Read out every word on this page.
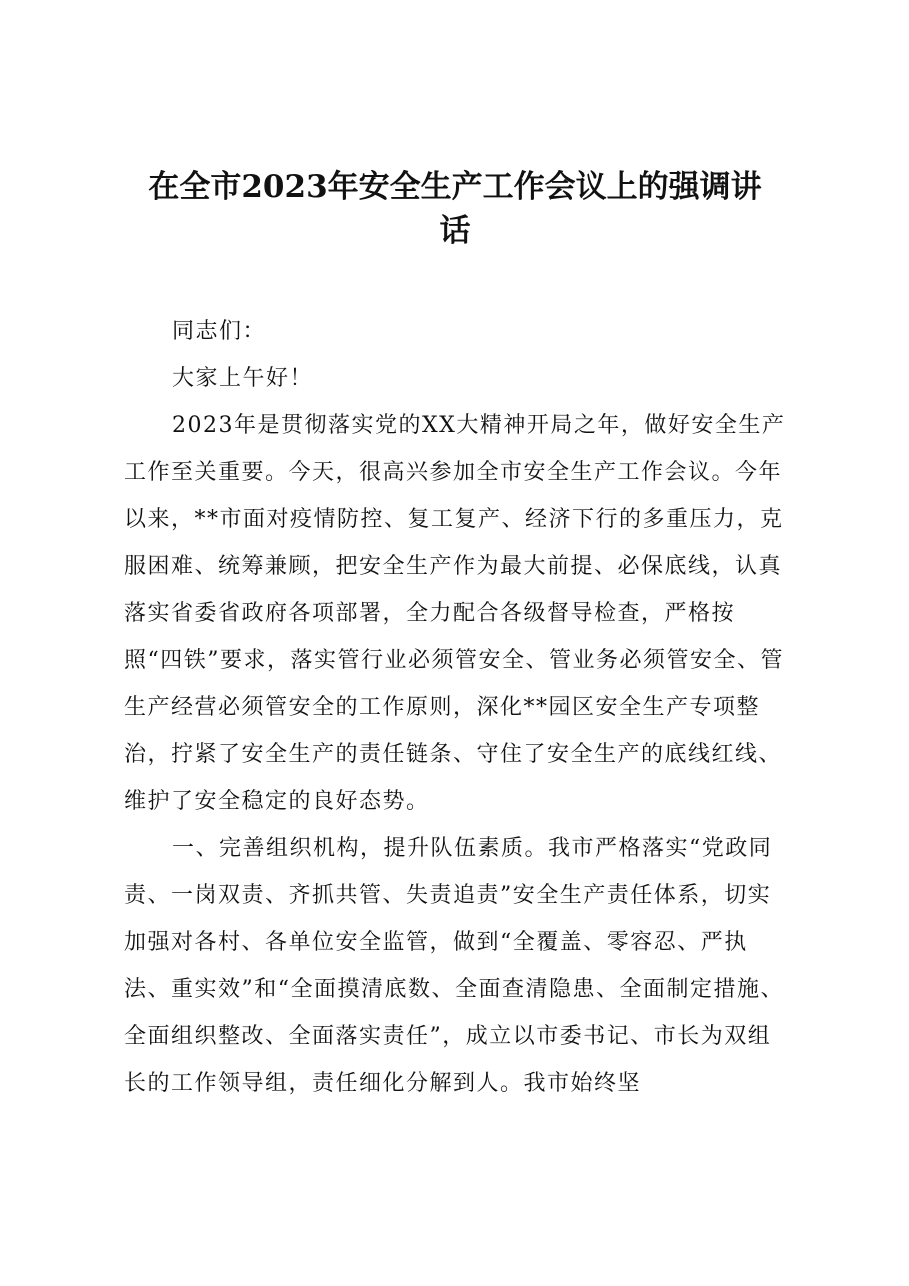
在全市2023年安全生产工作会议上的强调讲
话

同志们：

大家上午好！

2023年是贯彻落实党的XX大精神开局之年，做好安全生产工作至关重要。今天，很高兴参加全市安全生产工作会议。今年以来，**市面对疫情防控、复工复产、经济下行的多重压力，克服困难、统筹兼顾，把安全生产作为最大前提、必保底线，认真落实省委省政府各项部署，全力配合各级督导检查，严格按照“四铁”要求，落实管行业必须管安全、管业务必须管安全、管生产经营必须管安全的工作原则，深化**园区安全生产专项整治，拧紧了安全生产的责任链条、守住了安全生产的底线红线、维护了安全稳定的良好态势。

一、完善组织机构，提升队伍素质。我市严格落实“党政同责、一岗双责、齐抓共管、失责追责”安全生产责任体系，切实加强对各村、各单位安全监管，做到“全覆盖、零容忍、严执法、重实效”和“全面摸清底数、全面查清隐患、全面制定措施、全面组织整改、全面落实责任”，成立以市委书记、市长为双组长的工作领导组，责任细化分解到人。我市始终坚
